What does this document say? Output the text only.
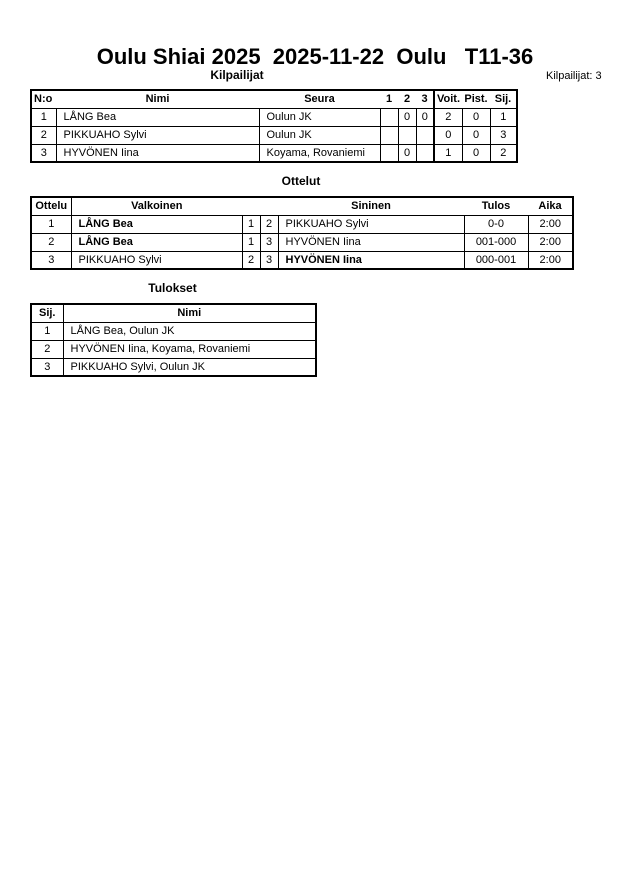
Oulu Shiai 2025  2025-11-22  Oulu   T11-36
Kilpailijat	Kilpailijat: 3
N:o	Nimi	Seura	1	2	3	Voit.	Pist.	Sij.
1	LÅNG Bea	Oulun JK		0	0	2	0	1
2	PIKKUAHO Sylvi	Oulun JK				0	0	3
3	HYVÖNEN Iina	Koyama, Rovaniemi		0		1	0	2
Ottelut
Ottelu	Valkoinen			Sininen	Tulos	Aika
1	LÅNG Bea	1	2	PIKKUAHO Sylvi	0-0	2:00
2	LÅNG Bea	1	3	HYVÖNEN Iina	001-000	2:00
3	PIKKUAHO Sylvi	2	3	HYVÖNEN Iina	000-001	2:00
Tulokset
Sij.	Nimi
1	LÅNG Bea, Oulun JK
2	HYVÖNEN Iina, Koyama, Rovaniemi
3	PIKKUAHO Sylvi, Oulun JK
